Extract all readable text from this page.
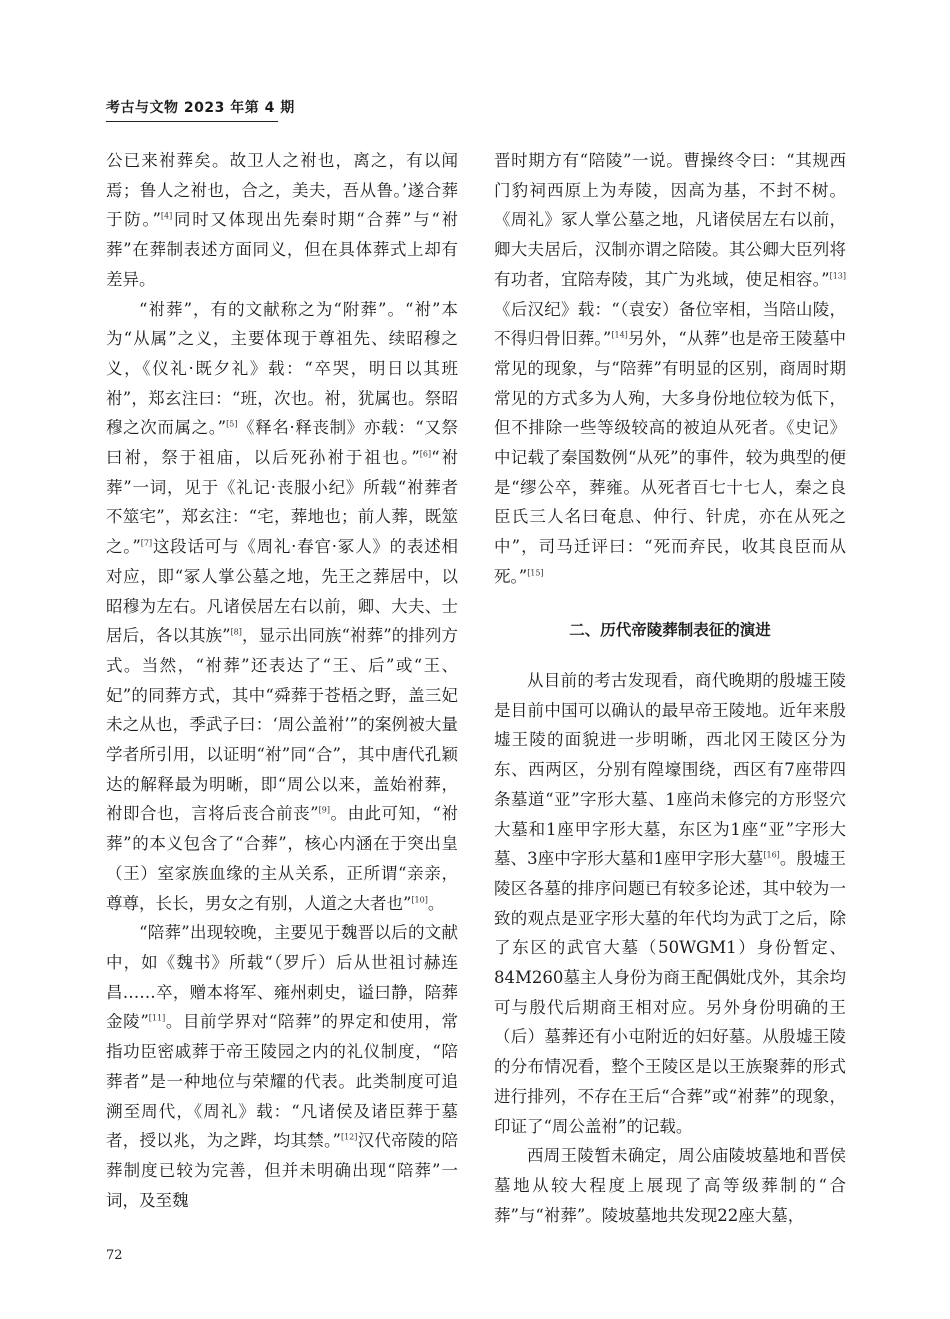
考古与文物 2023 年第 4 期

公已来祔葬矣。故卫人之祔也，离之，有以闻焉；鲁人之祔也，合之，美夫，吾从鲁。’遂合葬于防。”[4]同时又体现出先秦时期“合葬”与“祔葬”在葬制表述方面同义，但在具体葬式上却有差异。

“祔葬”，有的文献称之为“附葬”。“祔”本为“从属”之义，主要体现于尊祖先、续昭穆之义，《仪礼·既夕礼》载：“卒哭，明日以其班祔”，郑玄注曰：“班，次也。祔，犹属也。祭昭穆之次而属之。”[5]《释名·释丧制》亦载：“又祭曰祔，祭于祖庙，以后死孙祔于祖也。”[6]“祔葬”一词，见于《礼记·丧服小纪》所载“祔葬者不筮宅”，郑玄注：“宅，葬地也；前人葬，既筮之。”[7]这段话可与《周礼·春官·冢人》的表述相对应，即“冢人掌公墓之地，先王之葬居中，以昭穆为左右。凡诸侯居左右以前，卿、大夫、士居后，各以其族”[8]，显示出同族“祔葬”的排列方式。当然，“祔葬”还表达了“王、后”或“王、妃”的同葬方式，其中“舜葬于苍梧之野，盖三妃未之从也，季武子曰：‘周公盖祔’”的案例被大量学者所引用，以证明“祔”同“合”，其中唐代孔颖达的解释最为明晰，即“周公以来，盖始祔葬，祔即合也，言将后丧合前丧”[9]。由此可知，“祔葬”的本义包含了“合葬”，核心内涵在于突出皇（王）室家族血缘的主从关系，正所谓“亲亲，尊尊，长长，男女之有别，人道之大者也”[10]。

“陪葬”出现较晚，主要见于魏晋以后的文献中，如《魏书》所载“（罗斤）后从世祖讨赫连昌……卒，赠本将军、雍州刺史，谥曰静，陪葬金陵”[11]。目前学界对“陪葬”的界定和使用，常指功臣密戚葬于帝王陵园之内的礼仪制度，“陪葬者”是一种地位与荣耀的代表。此类制度可追溯至周代，《周礼》载：“凡诸侯及诸臣葬于墓者，授以兆，为之跸，均其禁。”[12]汉代帝陵的陪葬制度已较为完善，但并未明确出现“陪葬”一词，及至魏

晋时期方有“陪陵”一说。曹操终令曰：“其规西门豹祠西原上为寿陵，因高为基，不封不树。《周礼》冢人掌公墓之地，凡诸侯居左右以前，卿大夫居后，汉制亦谓之陪陵。其公卿大臣列将有功者，宜陪寿陵，其广为兆域，使足相容。”[13]《后汉纪》载：“（袁安）备位宰相，当陪山陵，不得归骨旧葬。”[14]另外，“从葬”也是帝王陵墓中常见的现象，与“陪葬”有明显的区别，商周时期常见的方式多为人殉，大多身份地位较为低下，但不排除一些等级较高的被迫从死者。《史记》中记载了秦国数例“从死”的事件，较为典型的便是“缪公卒，葬雍。从死者百七十七人，秦之良臣氏三人名曰奄息、仲行、针虎，亦在从死之中”，司马迁评曰：“死而弃民，收其良臣而从死。”[15]

二、历代帝陵葬制表征的演进

从目前的考古发现看，商代晚期的殷墟王陵是目前中国可以确认的最早帝王陵地。近年来殷墟王陵的面貌进一步明晰，西北冈王陵区分为东、西两区，分别有隍壕围绕，西区有7座带四条墓道“亚”字形大墓、1座尚未修完的方形竖穴大墓和1座甲字形大墓，东区为1座“亚”字形大墓、3座中字形大墓和1座甲字形大墓[16]。殷墟王陵区各墓的排序问题已有较多论述，其中较为一致的观点是亚字形大墓的年代均为武丁之后，除了东区的武官大墓（50WGM1）身份暂定、84M260墓主人身份为商王配偶妣戊外，其余均可与殷代后期商王相对应。另外身份明确的王（后）墓葬还有小屯附近的妇好墓。从殷墟王陵的分布情况看，整个王陵区是以王族聚葬的形式进行排列，不存在王后“合葬”或“祔葬”的现象，印证了“周公盖祔”的记载。

西周王陵暂未确定，周公庙陵坡墓地和晋侯墓地从较大程度上展现了高等级葬制的“合葬”与“祔葬”。陵坡墓地共发现22座大墓，

72
